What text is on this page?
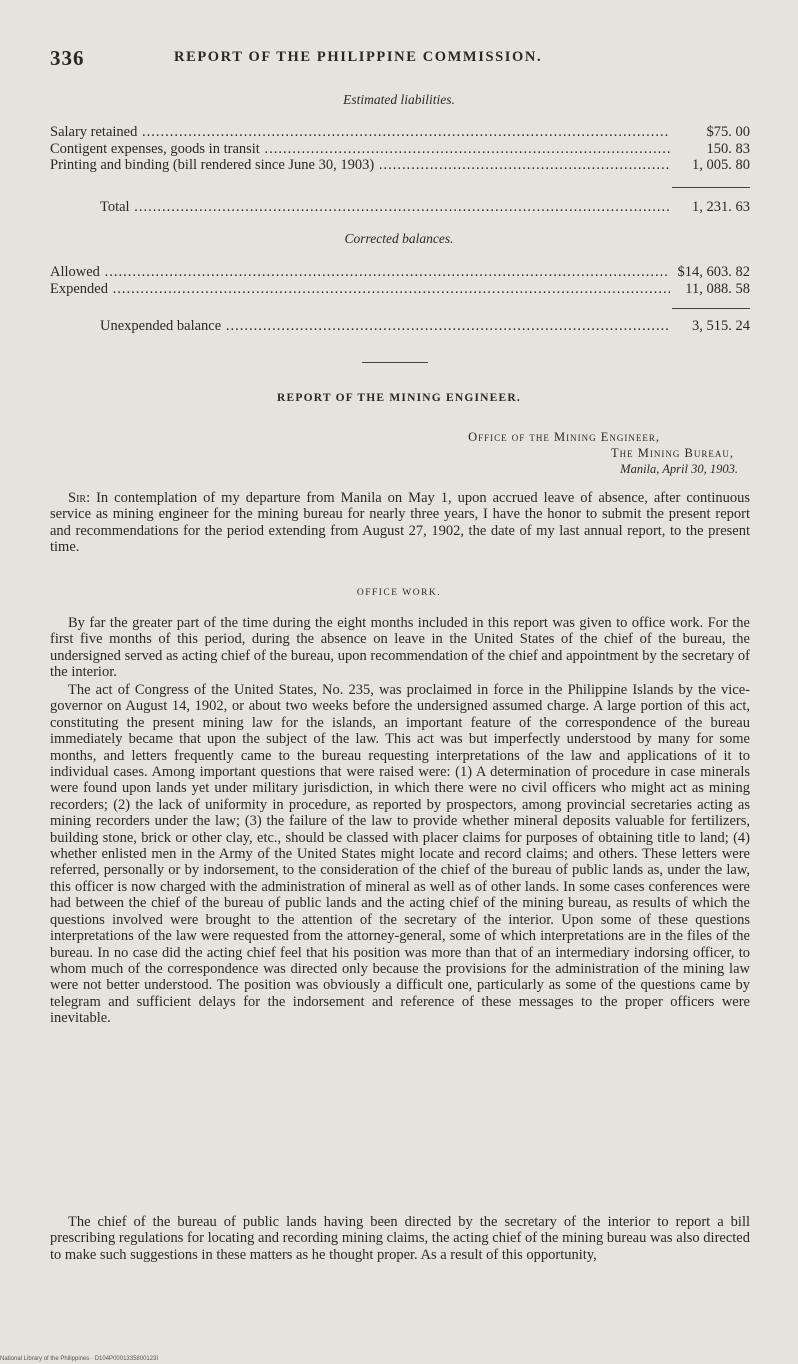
336	REPORT OF THE PHILIPPINE COMMISSION.
Estimated liabilities.
Salary retained .....	$75. 00
Contigent expenses, goods in transit .....	150. 83
Printing and binding (bill rendered since June 30, 1903) .....	1, 005. 80
Total .....	1, 231. 63
Corrected balances.
Allowed .....	$14, 603. 82
Expended .....	11, 088. 58
Unexpended balance .....	3, 515. 24
REPORT OF THE MINING ENGINEER.
Office of the Mining Engineer,
The Mining Bureau,
Manila, April 30, 1903.

Sir: In contemplation of my departure from Manila on May 1, upon accrued leave of absence, after continuous service as mining engineer for the mining bureau for nearly three years, I have the honor to submit the present report and recommendations for the period extending from August 27, 1902, the date of my last annual report, to the present time.

OFFICE WORK.

By far the greater part of the time during the eight months included in this report was given to office work. For the first five months of this period, during the absence on leave in the United States of the chief of the bureau, the undersigned served as acting chief of the bureau, upon recommendation of the chief and appointment by the secretary of the interior.

The act of Congress of the United States, No. 235, was proclaimed in force in the Philippine Islands by the vice-governor on August 14, 1902, or about two weeks before the undersigned assumed charge. A large portion of this act, constituting the present mining law for the islands, an important feature of the correspondence of the bureau immediately became that upon the subject of the law. This act was but imperfectly understood by many for some months, and letters frequently came to the bureau requesting interpretations of the law and applications of it to individual cases. Among important questions that were raised were: (1) A determination of procedure in case minerals were found upon lands yet under military jurisdiction, in which there were no civil officers who might act as mining recorders; (2) the lack of uniformity in procedure, as reported by prospectors, among provincial secretaries acting as mining recorders under the law; (3) the failure of the law to provide whether mineral deposits valuable for fertilizers, building stone, brick or other clay, etc., should be classed with placer claims for purposes of obtaining title to land; (4) whether enlisted men in the Army of the United States might locate and record claims; and others. These letters were referred, personally or by indorsement, to the consideration of the chief of the bureau of public lands as, under the law, this officer is now charged with the administration of mineral as well as of other lands. In some cases conferences were had between the chief of the bureau of public lands and the acting chief of the mining bureau, as results of which the questions involved were brought to the attention of the secretary of the interior. Upon some of these questions interpretations of the law were requested from the attorney-general, some of which interpretations are in the files of the bureau. In no case did the acting chief feel that his position was more than that of an intermediary indorsing officer, to whom much of the correspondence was directed only because the provisions for the administration of the mining law were not better understood. The position was obviously a difficult one, particularly as some of the questions came by telegram and sufficient delays for the indorsement and reference of these messages to the proper officers were inevitable.

The chief of the bureau of public lands having been directed by the secretary of the interior to report a bill prescribing regulations for locating and recording mining claims, the acting chief of the mining bureau was also directed to make such suggestions in these matters as he thought proper. As a result of this opportunity,

National Library of the Philippines · D104P0001335800123I
